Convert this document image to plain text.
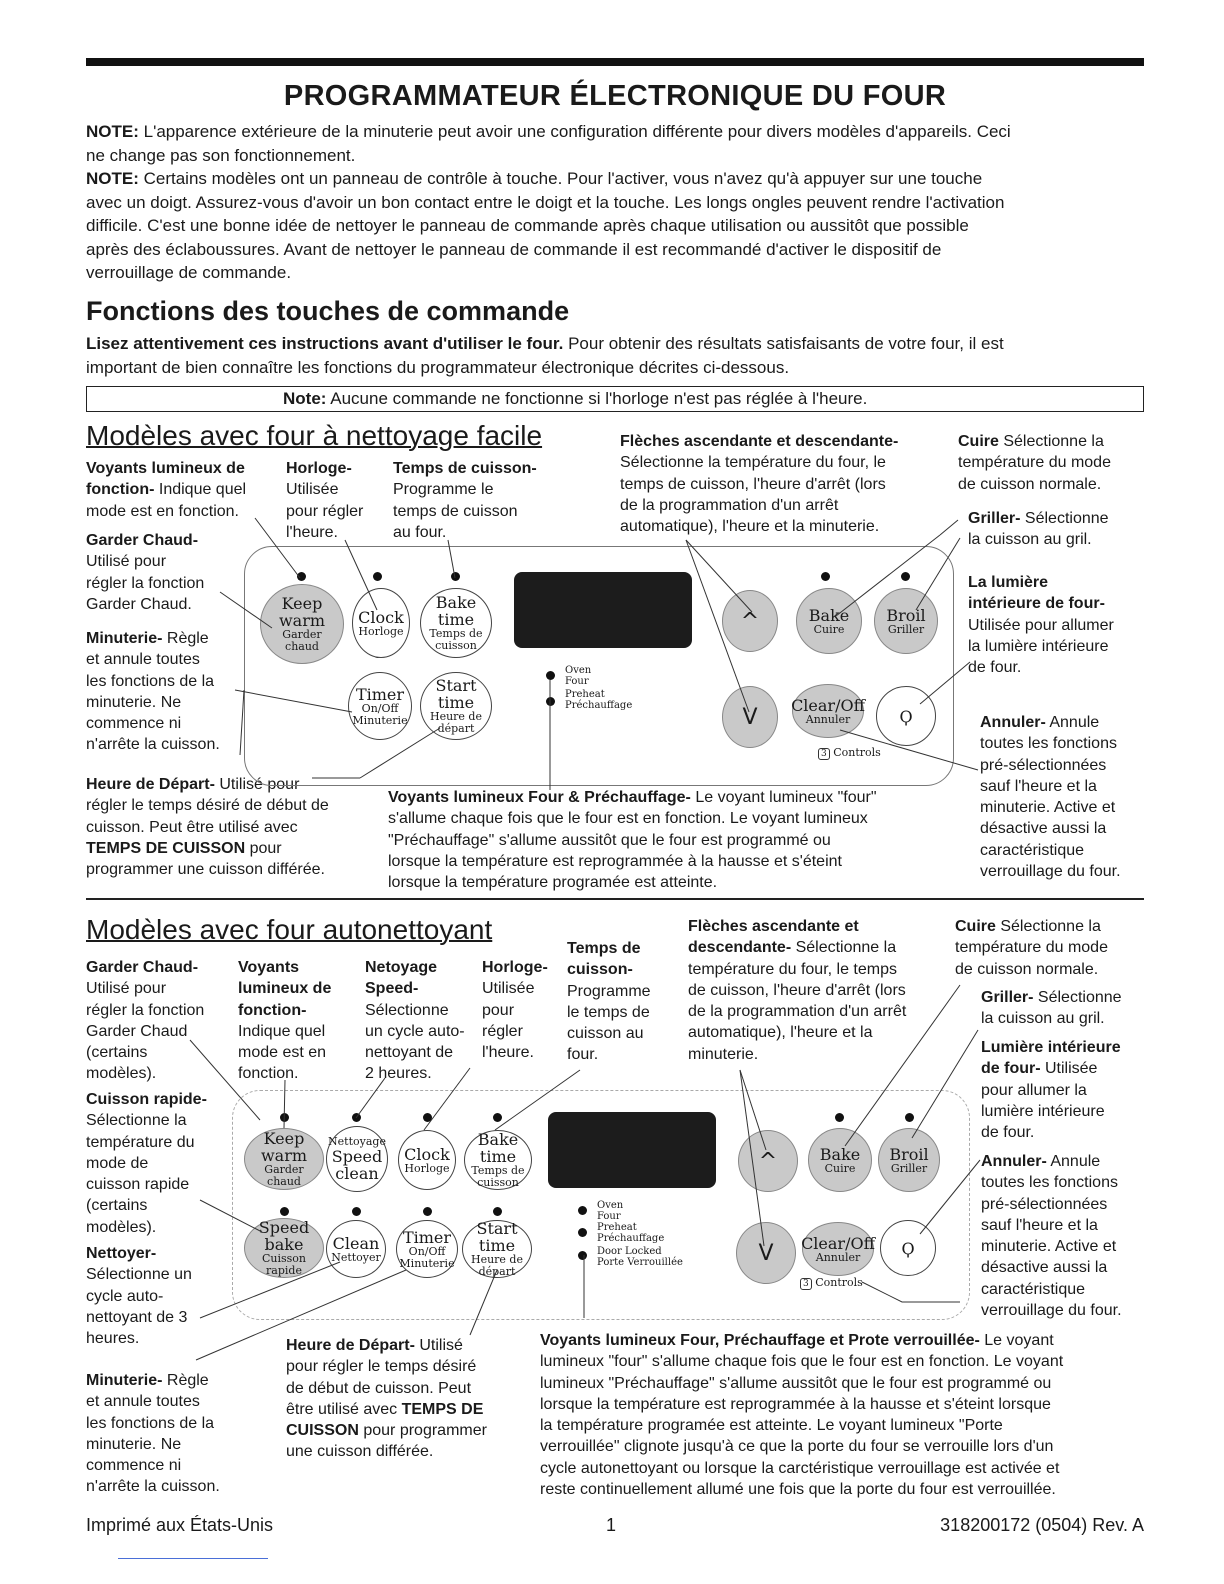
PROGRAMMATEUR ÉLECTRONIQUE DU FOUR
NOTE: L'apparence extérieure de la minuterie peut avoir une configuration différente pour divers modèles d'appareils. Ceci
ne change pas son fonctionnement.
NOTE: Certains modèles ont un panneau de contrôle à touche. Pour l'activer, vous n'avez qu'à appuyer sur une touche
avec un doigt. Assurez-vous d'avoir un bon contact entre le doigt et la touche. Les longs ongles peuvent rendre l'activation
difficile. C'est une bonne idée de nettoyer le panneau de commande après chaque utilisation ou aussitôt que possible
après des éclaboussures. Avant de nettoyer le panneau de commande il est recommandé d'activer le dispositif de
verrouillage de commande.
Fonctions des touches de commande
Lisez attentivement ces instructions avant d'utiliser le four. Pour obtenir des résultats satisfaisants de votre four, il est
important de bien connaître les fonctions du programmateur électronique décrites ci-dessous.
Note: Aucune commande ne fonctionne si l'horloge n'est pas réglée à l'heure.
Modèles avec four à nettoyage facile
Voyants lumineux de
fonction- Indique quel
mode est en fonction.
Horloge-
Utilisée
pour régler
l'heure.
Temps de cuisson-
Programme le
temps de cuisson
au four.
Flèches ascendante et descendante-
Sélectionne la température du four, le
temps de cuisson, l'heure d'arrêt (lors
de la programmation d'un arrêt
automatique), l'heure et la minuterie.
Cuire Sélectionne la
température du mode
de cuisson normale.
Griller- Sélectionne
la cuisson au gril.
La lumière
intérieure de four-
Utilisée pour allumer
la lumière intérieure
de four.
Garder Chaud-
Utilisé pour
régler la fonction
Garder Chaud.
Minuterie- Règle
et annule toutes
les fonctions de la
minuterie. Ne
commence ni
n'arrête la cuisson.
Annuler- Annule
toutes les fonctions
pré-sélectionnées
sauf l'heure et la
minuterie. Active et
désactive aussi la
caractéristique
verrouillage du four.
Heure de Départ- Utilisé pour
régler le temps désiré de début de
cuisson. Peut être utilisé avec
TEMPS DE CUISSON pour
programmer une cuisson différée.
Voyants lumineux Four & Préchauffage- Le voyant lumineux "four"
s'allume chaque fois que le four est en fonction. Le voyant lumineux
"Préchauffage" s'allume aussitôt que le four est programmé ou
lorsque la température est reprogrammée à la hausse et s'éteint
lorsque la température programée est atteinte.
Keep warm
Garder
chaud
Clock
Horloge
Bake time
Temps de
cuisson
^	Bake
Cuire
Broil
Griller
Timer
On/Off
Minuterie
Start time
Heure de
départ
Oven
Four
Preheat
Préchauffage	V Clear/Off
Annuler	Ϙ
3 Controls
Modèles avec four autonettoyant
Garder Chaud-
Utilisé pour
régler la fonction
Garder Chaud
(certains
modèles).
Voyants
lumineux de
fonction-
Indique quel
mode est en
fonction.
Netoyage
Speed-
Sélectionne
un cycle auto-
nettoyant de
2 heures.
Horloge-
Utilisée
pour
régler
l'heure.
Temps de
cuisson-
Programme
le temps de
cuisson au
four.
Flèches ascendante et
descendante- Sélectionne la
température du four, le temps
de cuisson, l'heure d'arrêt (lors
de la programmation d'un arrêt
automatique), l'heure et la
minuterie.
Cuire Sélectionne la
température du mode
de cuisson normale.
Griller- Sélectionne
la cuisson au gril.
Lumière intérieure
de four- Utilisée
pour allumer la
lumière intérieure
de four.
Annuler- Annule
toutes les fonctions
pré-sélectionnées
sauf l'heure et la
minuterie. Active et
désactive aussi la
caractéristique
verrouillage du four.
Cuisson rapide-
Sélectionne la
température du
mode de
cuisson rapide
(certains
modèles).
Nettoyer-
Sélectionne un
cycle auto-
nettoyant de 3
heures.
Minuterie- Règle
et annule toutes
les fonctions de la
minuterie. Ne
commence ni
n'arrête la cuisson.
Heure de Départ- Utilisé
pour régler le temps désiré
de début de cuisson. Peut
être utilisé avec TEMPS DE
CUISSON pour programmer
une cuisson différée.
Voyants lumineux Four, Préchauffage et Prote verrouillée- Le voyant
lumineux "four" s'allume chaque fois que le four est en fonction. Le voyant
lumineux "Préchauffage" s'allume aussitôt que le four est programmé ou
lorsque la température est reprogrammée à la hausse et s'éteint lorsque
la température programée est atteinte. Le voyant lumineux "Porte
verrouillée" clignote jusqu'à ce que la porte du four se verrouille lors d'un
cycle autonettoyant ou lorsque la carctéristique verrouillage est activée et
reste continuellement allumé une fois que la porte du four est verrouillée.
Keep warm
Garder
chaud
Nettoyage
Speed
clean
Clock
Horloge
Bake time
Temps de
cuisson
^	Bake
Cuire
Broil
Griller
Speed bake
Cuisson
rapide
Clean
Nettoyer
Timer
On/Off
Minuterie
Start time
Heure de
départ
Oven
Four
Preheat
Préchauffage
Door Locked
Porte Verrouillée	V Clear/Off
Annuler	Ϙ
3 Controls
Imprimé aux États-Unis	1	318200172 (0504) Rev. A
